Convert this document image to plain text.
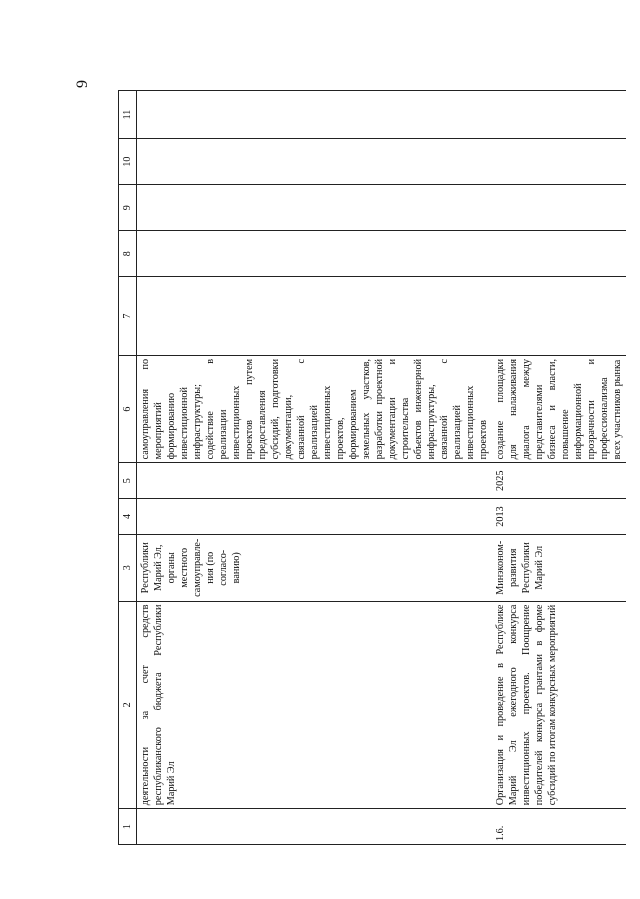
9
1	2	3	4	5	6	7	8	9	10	11
	деятельности за счет средств республиканского бюджета Республики Марий Эл	Республики Марий Эл, органы местного самоуправле-ния (по согласо-ванию)			самоуправления по мероприятий формированию инвестиционной инфраструктуры; содействие в реализации инвестиционных проектов путем предоставления субсидий, подготовки документации, связанной с реализацией инвестиционных проектов, формированием земельных участков, разработки проектной документации и строительства объектов инженерной инфраструктуры, связанной с реализацией инвестиционных проектов					
1.6.	Организация и проведение в Республике Марий Эл ежегодного конкурса инвестиционных проектов. Поощрение победителей конкурса грантами в форме субсидий по итогам конкурсных мероприятий	Минэконом-развития Республики Марий Эл	2013	2025	создание площадки для налаживания диалога между представителями бизнеса и власти, повышение информационной прозрачности и профессионализма всех участников рынка					
